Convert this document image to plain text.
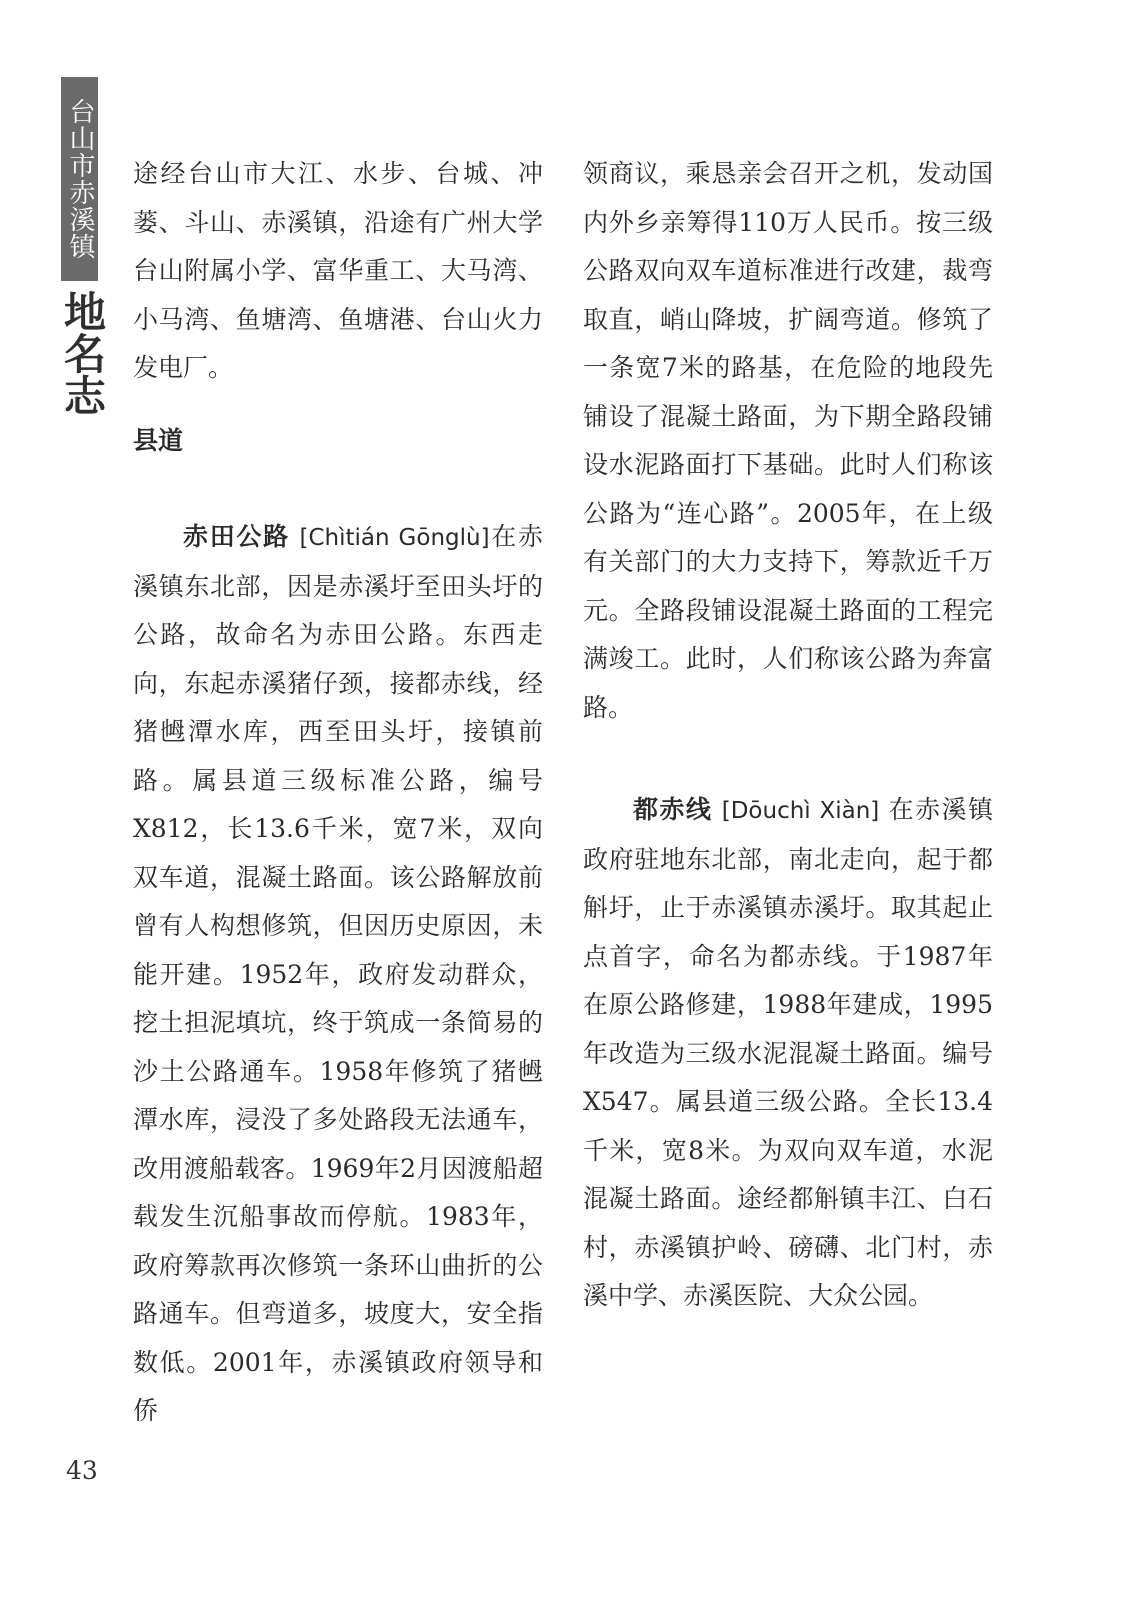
台山市赤溪镇
地名志

途经台山市大江、水步、台城、冲蒌、斗山、赤溪镇，沿途有广州大学台山附属小学、富华重工、大马湾、小马湾、鱼塘湾、鱼塘港、台山火力发电厂。

县道

赤田公路 [Chìtián Gōnglù]在赤溪镇东北部，因是赤溪圩至田头圩的公路，故命名为赤田公路。东西走向，东起赤溪猪仔颈，接都赤线，经猪乸潭水库，西至田头圩，接镇前路。属县道三级标准公路，编号X812，长13.6千米，宽7米，双向双车道，混凝土路面。该公路解放前曾有人构想修筑，但因历史原因，未能开建。1952年，政府发动群众，挖土担泥填坑，终于筑成一条简易的沙土公路通车。1958年修筑了猪乸潭水库，浸没了多处路段无法通车，改用渡船载客。1969年2月因渡船超载发生沉船事故而停航。1983年，政府筹款再次修筑一条环山曲折的公路通车。但弯道多，坡度大，安全指数低。2001年，赤溪镇政府领导和侨

领商议，乘恳亲会召开之机，发动国内外乡亲筹得110万人民币。按三级公路双向双车道标准进行改建，裁弯取直，峭山降坡，扩阔弯道。修筑了一条宽7米的路基，在危险的地段先铺设了混凝土路面，为下期全路段铺设水泥路面打下基础。此时人们称该公路为“连心路”。2005年，在上级有关部门的大力支持下，筹款近千万元。全路段铺设混凝土路面的工程完满竣工。此时，人们称该公路为奔富路。

都赤线 [Dōuchì Xiàn] 在赤溪镇政府驻地东北部，南北走向，起于都斛圩，止于赤溪镇赤溪圩。取其起止点首字，命名为都赤线。于1987年在原公路修建，1988年建成，1995年改造为三级水泥混凝土路面。编号X547。属县道三级公路。全长13.4千米，宽8米。为双向双车道，水泥混凝土路面。途经都斛镇丰江、白石村，赤溪镇护岭、磅礴、北门村，赤溪中学、赤溪医院、大众公园。

43
